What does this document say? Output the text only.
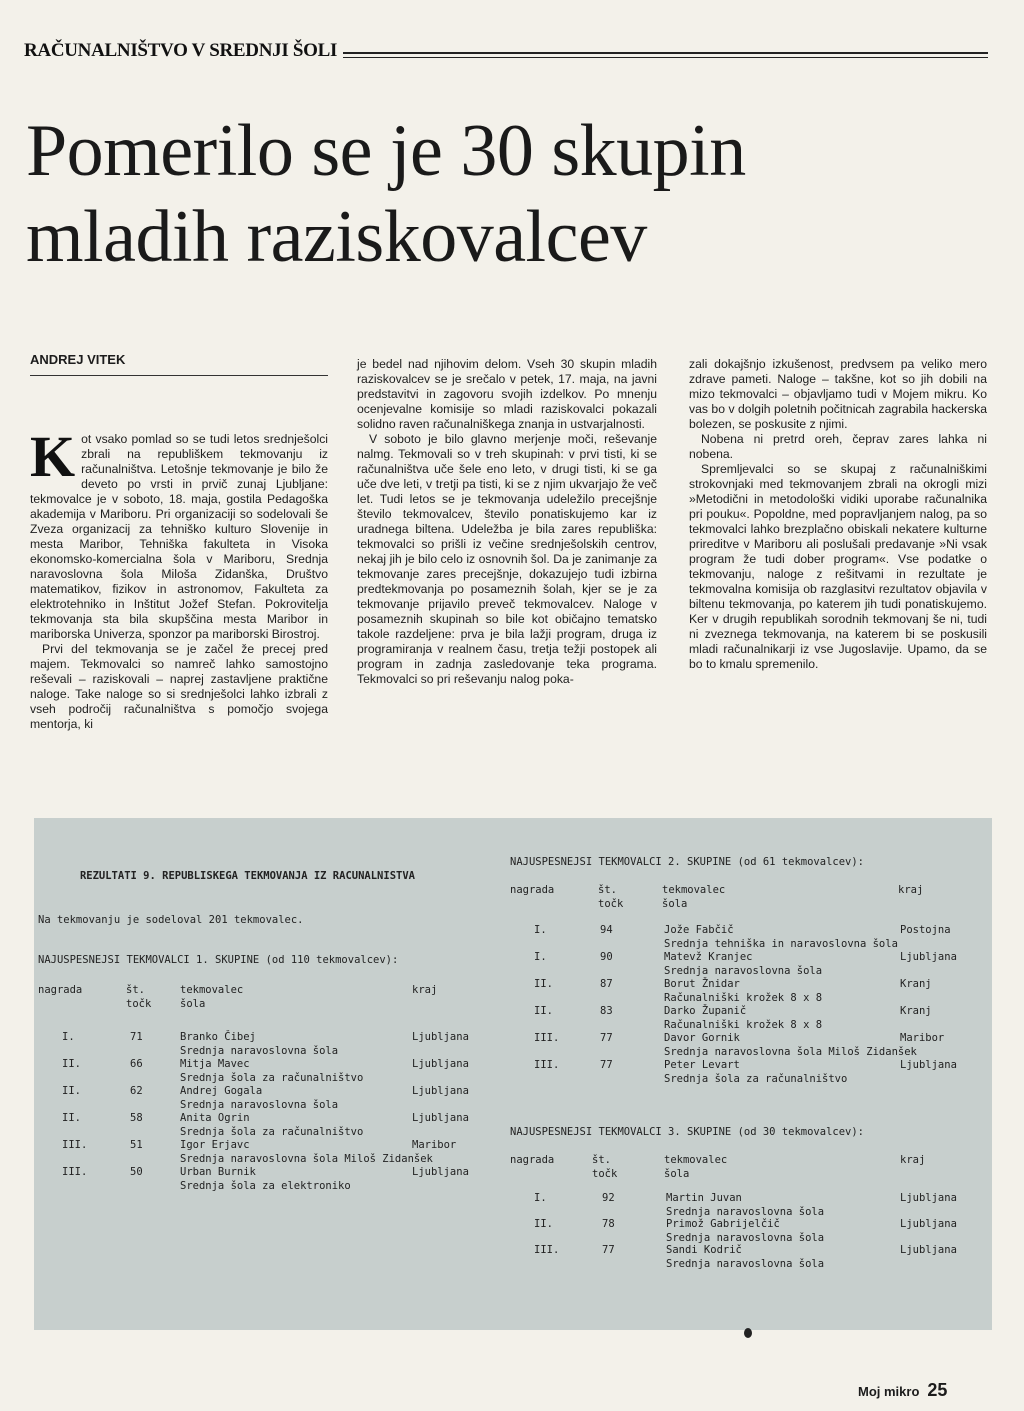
RAČUNALNIŠTVO V SREDNJI ŠOLI
Pomerilo se je 30 skupin
mladih raziskovalcev
ANDREJ VITEK

Kot vsako pomlad so se tudi letos srednješolci zbrali na republiškem tekmovanju iz računalništva. Letošnje tekmovanje je bilo že deveto po vrsti in prvič zunaj Ljubljane: tekmovalce je v soboto, 18. maja, gostila Pedagoška akademija v Mariboru. Pri organizaciji so sodelovali še Zveza organizacij za tehniško kulturo Slovenije in mesta Maribor, Tehniška fakulteta in Visoka ekonomsko-komercialna šola v Mariboru, Srednja naravoslovna šola Miloša Zidanška, Društvo matematikov, fizikov in astronomov, Fakulteta za elektrotehniko in Inštitut Jožef Stefan. Pokroviteljа tekmovanja sta bila skupščina mesta Maribor in mariborska Univerza, sponzor pa mariborski Birostroj.

Prvi del tekmovanja se je začel že precej pred majem. Tekmovalci so namreč lahko samostojno reševali – raziskovali – naprej zastavljene praktične naloge. Take naloge so si srednješolci lahko izbrali z vseh področij računalništva s pomočjo svojega mentorja, ki

je bedel nad njihovim delom. Vseh 30 skupin mladih raziskovalcev se je srečalo v petek, 17. maja, na javni predstavitvi in zagovoru svojih izdelkov. Po mnenju ocenjevalne komisije so mladi raziskovalci pokazali solidno raven računalniškega znanja in ustvarjalnosti.

V soboto je bilo glavno merjenje moči, reševanje nalmg. Tekmovali so v treh skupinah: v prvi tisti, ki se računalništva uče šele eno leto, v drugi tisti, ki se ga uče dve leti, v tretji pa tisti, ki se z njim ukvarjajo že več let. Tudi letos se je tekmovanja udeležilo precejšnje število tekmovalcev, število ponatiskujemo kar iz uradnega biltena. Udeležba je bila zares republiška: tekmovalci so prišli iz večine srednješolskih centrov, nekaj jih je bilo celo iz osnovnih šol. Da je zanimanje za tekmovanje zares precejšnje, dokazujejo tudi izbirna predtekmovanja po posameznih šolah, kjer se je za tekmovanje prijavilo preveč tekmovalcev. Naloge v posameznih skupinah so bile kot običajno tematsko takole razdeljene: prva je bila lažji program, druga iz programiranja v realnem času, tretja težji postopek ali program in zadnja zasledovanje teka programa. Tekmovalci so pri reševanju nalog poka-

zali dokajšnjo izkušenost, predvsem pa veliko mero zdrave pameti. Naloge – takšne, kot so jih dobili na mizo tekmovalci – objavljamo tudi v Mojem mikru. Ko vas bo v dolgih poletnih počitnicah zagrabila hackerska bolezen, se poskusite z njimi.

Nobena ni pretrd oreh, čeprav zares lahka ni nobena.

Spremljevalci so se skupaj z računalniškimi strokovnjaki med tekmovanjem zbrali na okrogli mizi »Metodični in metodološki vidiki uporabe računalnika pri pouku«. Popoldne, med popravljanjem nalog, pa so tekmovalci lahko brezplačno obiskali nekatere kulturne prireditve v Mariboru ali poslušali predavanje »Ni vsak program že tudi dober program«. Vse podatke o tekmovanju, naloge z rešitvami in rezultate je tekmovalna komisija ob razglasitvi rezultatov objavila v biltenu tekmovanja, po katerem jih tudi ponatiskujemo. Ker v drugih republikah sorodnih tekmovanj še ni, tudi ni zveznega tekmovanja, na katerem bi se poskusili mladi računalnikarji iz vse Jugoslavije. Upamo, da se bo to kmalu spremenilo.

REZULTATI 9. REPUBLISKEGA TEKMOVANJA IZ RACUNALNISTVA

Na tekmovanju je sodeloval 201 tekmovalec.
NAJUSPESNEJSI TEKMOVALCI 1. SKUPINE (od 110 tekmovalcev):
nagrada	št.
točk
tekmovalec
šola
kraj
I.	71	Branko Čibej	Ljubljana
Srednja naravoslovna šola
II.	66	Mitja Mavec	Ljubljana
Srednja šola za računalništvo
II.	62	Andrej Gogala	Ljubljana
Srednja naravoslovna šola
II.	58	Anita Ogrin	Ljubljana
Srednja šola za računalništvo
III.	51	Igor Erjavc	Maribor
Srednja naravoslovna šola Miloš Zidanšek
III.	50	Urban Burnik	Ljubljana
Srednja šola za elektroniko
NAJUSPESNEJSI TEKMOVALCI 2. SKUPINE (od 61 tekmovalcev):
nagrada	št.
točk
tekmovalec
šola
kraj
I.	94	Jože Fabčič	Postojna
Srednja tehniška in naravoslovna šola
I.	90	Matevž Kranjec	Ljubljana
Srednja naravoslovna šola
II.	87	Borut Žnidar	Kranj
Računalniški krožek 8 x 8
II.	83	Darko Županič	Kranj
Računalniški krožek 8 x 8
III.	77	Davor Gornik	Maribor
Srednja naravoslovna šola Miloš Zidanšek
III.	77	Peter Levart	Ljubljana
Srednja šola za računalništvo
NAJUSPESNEJSI TEKMOVALCI 3. SKUPINE (od 30 tekmovalcev):
nagrada	št.
točk
tekmovalec
šola
kraj
I.	92	Martin Juvan	Ljubljana
Srednja naravoslovna šola
II.	78	Primož Gabrijelčič	Ljubljana
Srednja naravoslovna šola
III.	77	Sandi Kodrič	Ljubljana
Srednja naravoslovna šola
Moj mikro 25
